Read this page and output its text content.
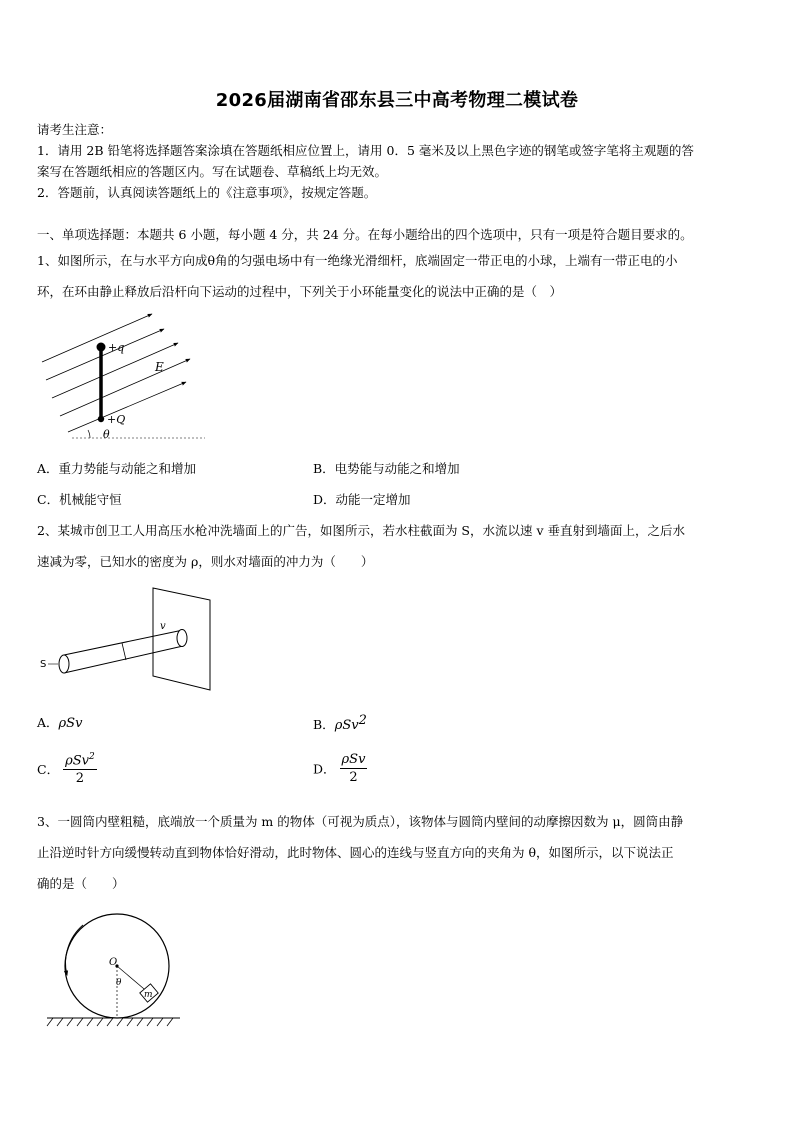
2026届湖南省邵东县三中高考物理二模试卷
请考生注意：
1．请用 2B 铅笔将选择题答案涂填在答题纸相应位置上，请用 0．5 毫米及以上黑色字迹的钢笔或签字笔将主观题的答
案写在答题纸相应的答题区内。写在试题卷、草稿纸上均无效。
2．答题前，认真阅读答题纸上的《注意事项》，按规定答题。
一、单项选择题：本题共 6 小题，每小题 4 分，共 24 分。在每小题给出的四个选项中，只有一项是符合题目要求的。
1、如图所示，在与水平方向成θ角的匀强电场中有一绝缘光滑细杆，底端固定一带正电的小球，上端有一带正电的小
环，在环由静止释放后沿杆向下运动的过程中，下列关于小环能量变化的说法中正确的是（　）
+q
+Q
E
θ
A．重力势能与动能之和增加	B．电势能与动能之和增加
C．机械能守恒	D．动能一定增加
2、某城市创卫工人用高压水枪冲洗墙面上的广告，如图所示，若水柱截面为 S，水流以速 v 垂直射到墙面上，之后水
速减为零，已知水的密度为 ρ，则水对墙面的冲力为（　　）
S
v
A．ρSv	B．ρSv$^2$
C． $\frac{\rho Sv^2}{2}$	D． $\frac{\text{ρSv}}{2}$
3、一圆筒内壁粗糙，底端放一个质量为 m 的物体（可视为质点），该物体与圆筒内壁间的动摩擦因数为 μ，圆筒由静
止沿逆时针方向缓慢转动直到物体恰好滑动，此时物体、圆心的连线与竖直方向的夹角为 θ，如图所示，以下说法正
确的是（　　）
m
O
θ
